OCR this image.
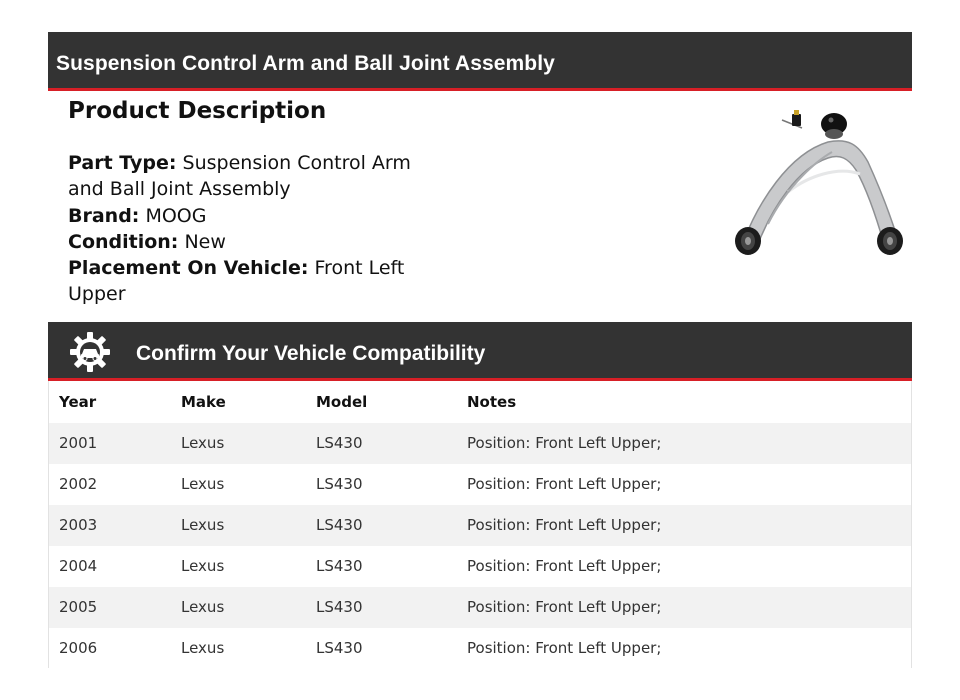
Suspension Control Arm and Ball Joint Assembly
Product Description
Part Type: Suspension Control Arm and Ball Joint Assembly
Brand: MOOG
Condition: New
Placement On Vehicle: Front Left Upper
Confirm Your Vehicle Compatibility
Year	Make	Model	Notes
2001	Lexus	LS430	Position: Front Left Upper;
2002	Lexus	LS430	Position: Front Left Upper;
2003	Lexus	LS430	Position: Front Left Upper;
2004	Lexus	LS430	Position: Front Left Upper;
2005	Lexus	LS430	Position: Front Left Upper;
2006	Lexus	LS430	Position: Front Left Upper;
